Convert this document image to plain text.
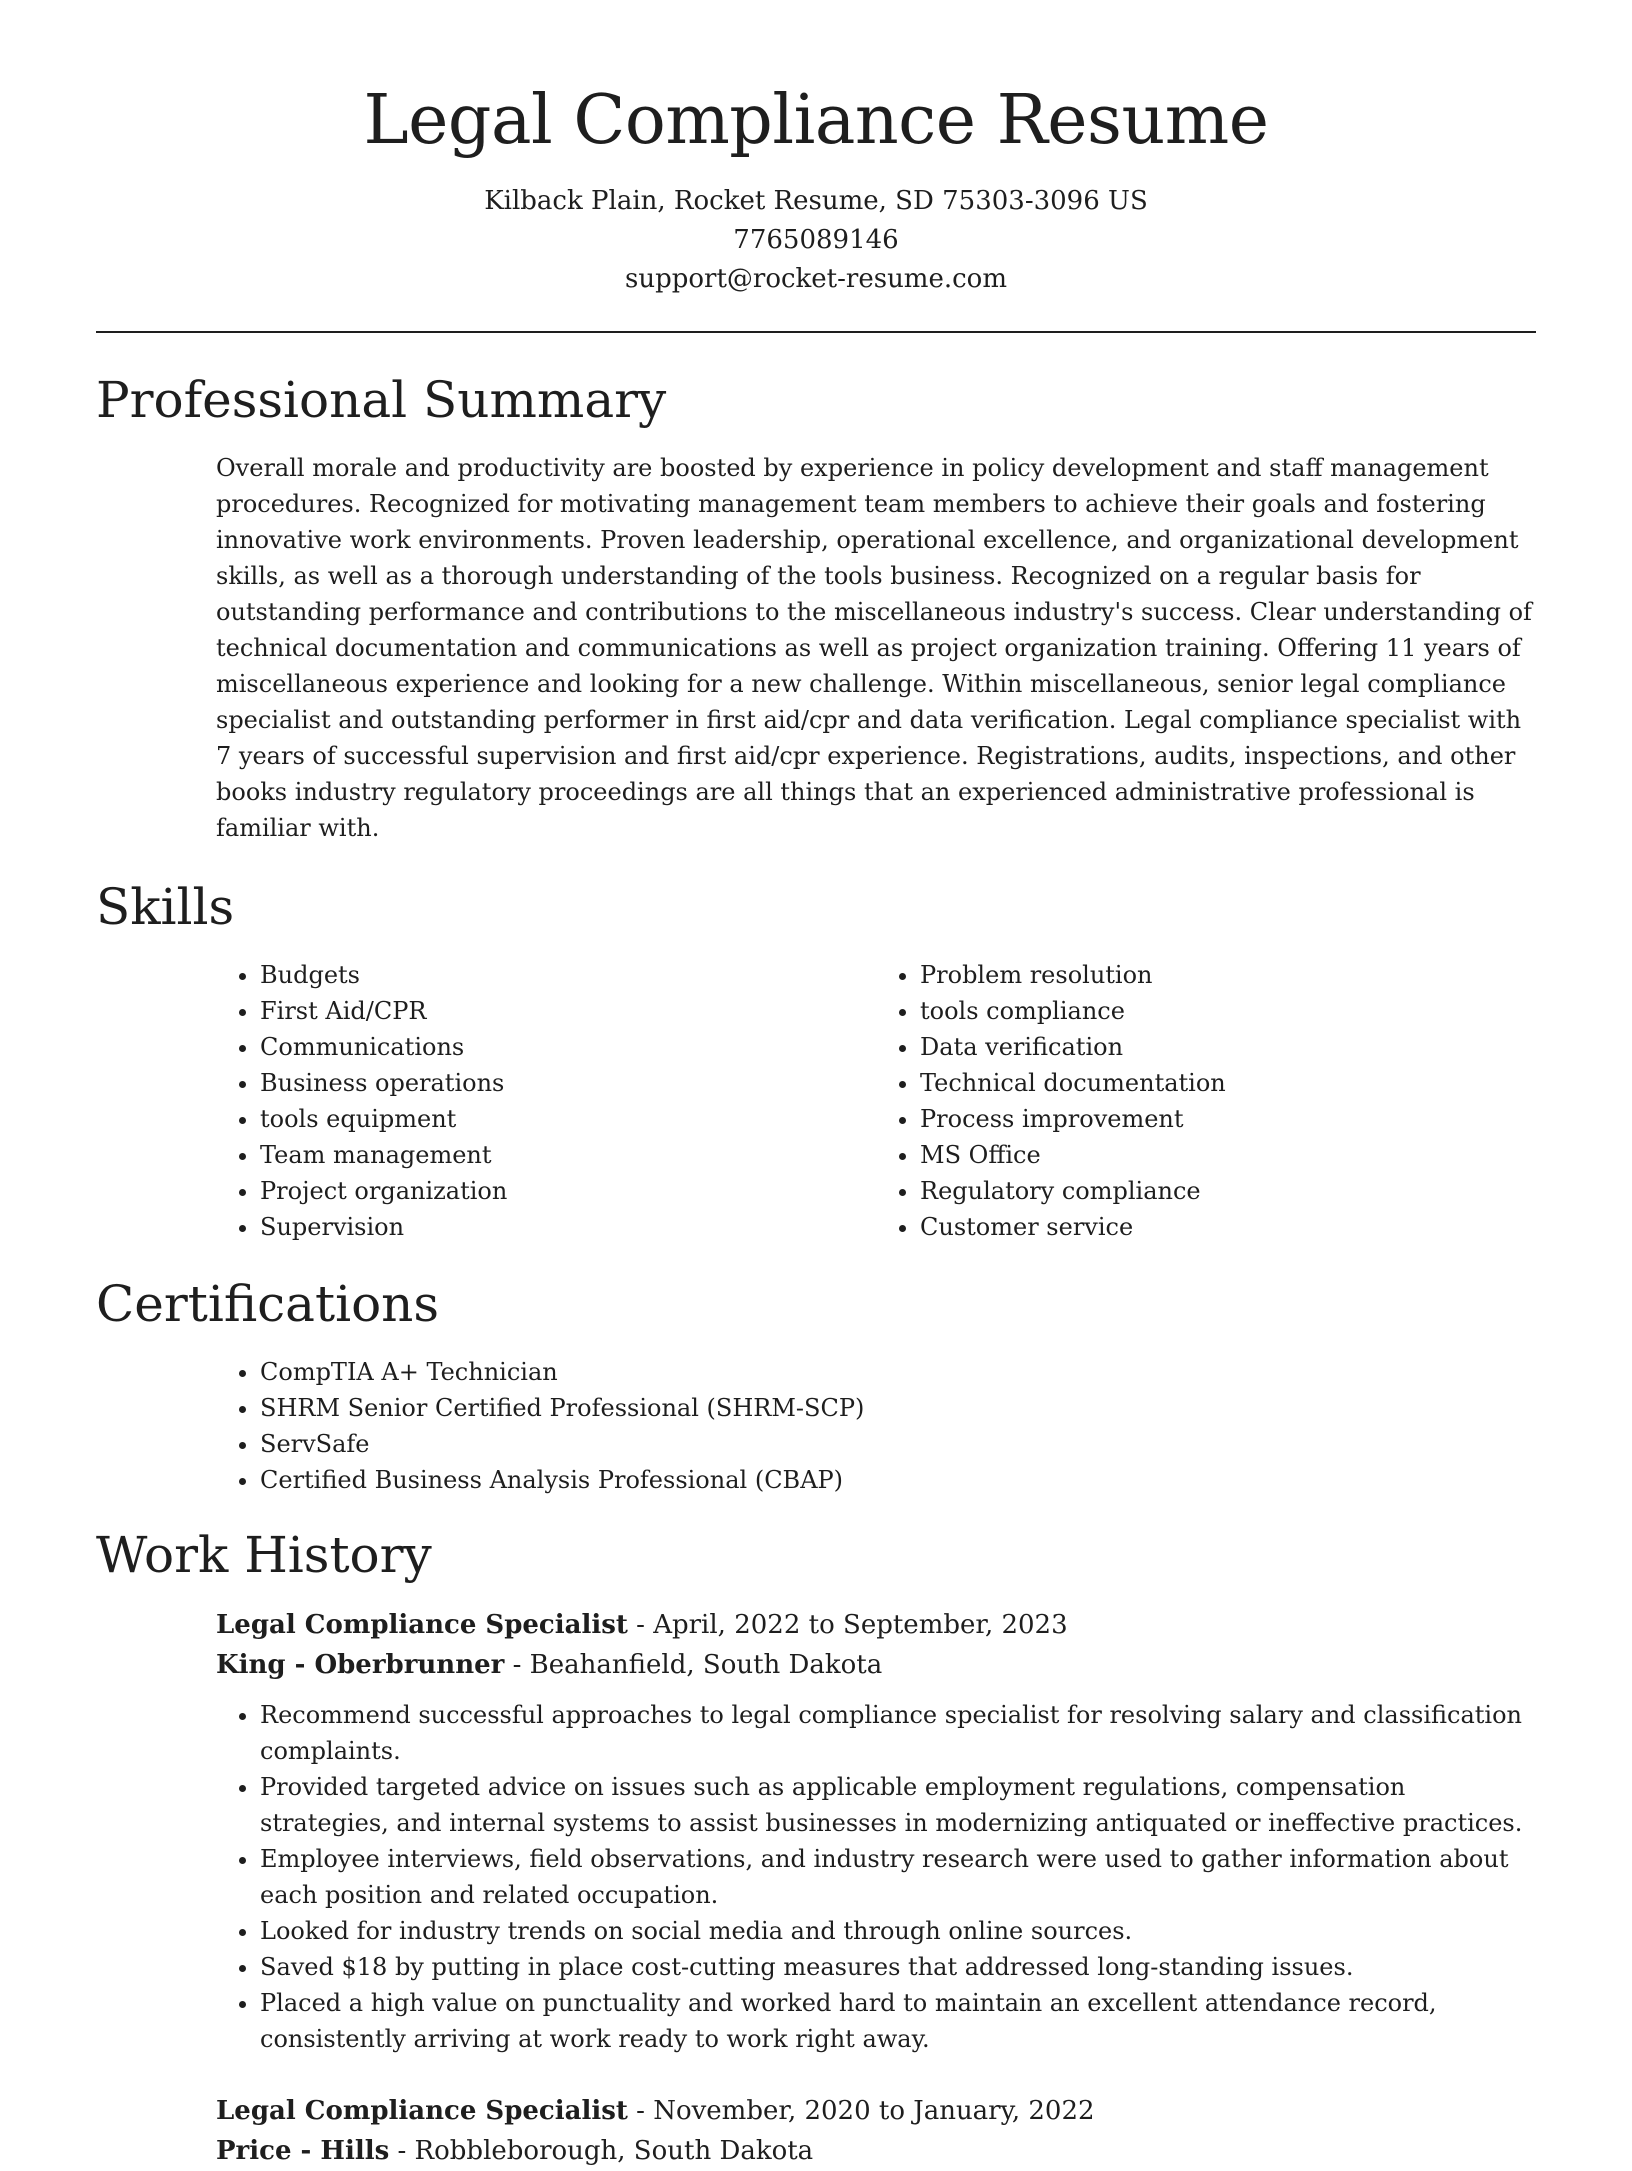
Legal Compliance Resume
Kilback Plain, Rocket Resume, SD 75303-3096 US
7765089146
support@rocket-resume.com
Professional Summary

Overall morale and productivity are boosted by experience in policy development and staff management procedures. Recognized for motivating management team members to achieve their goals and fostering innovative work environments. Proven leadership, operational excellence, and organizational development skills, as well as a thorough understanding of the tools business. Recognized on a regular basis for outstanding performance and contributions to the miscellaneous industry's success. Clear understanding of technical documentation and communications as well as project organization training. Offering 11 years of miscellaneous experience and looking for a new challenge. Within miscellaneous, senior legal compliance specialist and outstanding performer in first aid/cpr and data verification. Legal compliance specialist with 7 years of successful supervision and first aid/cpr experience. Registrations, audits, inspections, and other books industry regulatory proceedings are all things that an experienced administrative professional is familiar with.

Skills
• Budgets
• First Aid/CPR
• Communications
• Business operations
• tools equipment
• Team management
• Project organization
• Supervision
• Problem resolution
• tools compliance
• Data verification
• Technical documentation
• Process improvement
• MS Office
• Regulatory compliance
• Customer service
Certifications
• CompTIA A+ Technician
• SHRM Senior Certified Professional (SHRM-SCP)
• ServSafe
• Certified Business Analysis Professional (CBAP)
Work History
Legal Compliance Specialist - April, 2022 to September, 2023
King - Oberbrunner - Beahanfield, South Dakota
• Recommend successful approaches to legal compliance specialist for resolving salary and classification complaints.
• Provided targeted advice on issues such as applicable employment regulations, compensation strategies, and internal systems to assist businesses in modernizing antiquated or ineffective practices.
• Employee interviews, field observations, and industry research were used to gather information about each position and related occupation.
• Looked for industry trends on social media and through online sources.
• Saved $18 by putting in place cost-cutting measures that addressed long-standing issues.
• Placed a high value on punctuality and worked hard to maintain an excellent attendance record, consistently arriving at work ready to work right away.
Legal Compliance Specialist - November, 2020 to January, 2022
Price - Hills - Robbleborough, South Dakota
